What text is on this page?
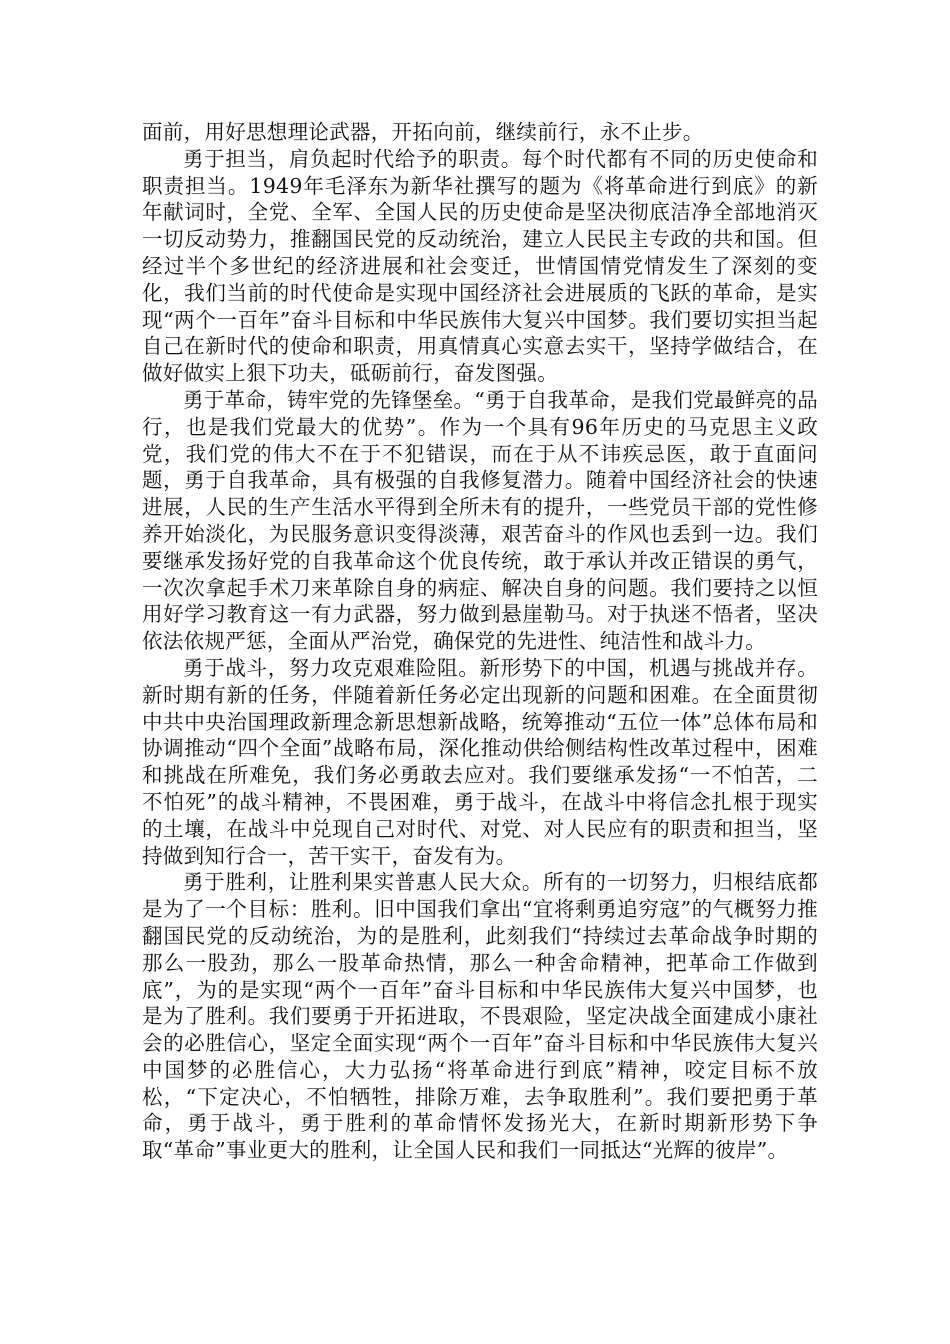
面前，用好思想理论武器，开拓向前，继续前行，永不止步。

勇于担当，肩负起时代给予的职责。每个时代都有不同的历史使命和职责担当。1949年毛泽东为新华社撰写的题为《将革命进行到底》的新年献词时，全党、全军、全国人民的历史使命是坚决彻底洁净全部地消灭一切反动势力，推翻国民党的反动统治，建立人民民主专政的共和国。但经过半个多世纪的经济进展和社会变迁，世情国情党情发生了深刻的变化，我们当前的时代使命是实现中国经济社会进展质的飞跃的革命，是实现“两个一百年”奋斗目标和中华民族伟大复兴中国梦。我们要切实担当起自己在新时代的使命和职责，用真情真心实意去实干，坚持学做结合，在做好做实上狠下功夫，砥砺前行，奋发图强。

勇于革命，铸牢党的先锋堡垒。“勇于自我革命，是我们党最鲜亮的品行，也是我们党最大的优势”。作为一个具有96年历史的马克思主义政党，我们党的伟大不在于不犯错误，而在于从不讳疾忌医，敢于直面问题，勇于自我革命，具有极强的自我修复潜力。随着中国经济社会的快速进展，人民的生产生活水平得到全所未有的提升，一些党员干部的党性修养开始淡化，为民服务意识变得淡薄，艰苦奋斗的作风也丢到一边。我们要继承发扬好党的自我革命这个优良传统，敢于承认并改正错误的勇气，一次次拿起手术刀来革除自身的病症、解决自身的问题。我们要持之以恒用好学习教育这一有力武器，努力做到悬崖勒马。对于执迷不悟者，坚决依法依规严惩，全面从严治党，确保党的先进性、纯洁性和战斗力。

勇于战斗，努力攻克艰难险阻。新形势下的中国，机遇与挑战并存。新时期有新的任务，伴随着新任务必定出现新的问题和困难。在全面贯彻中共中央治国理政新理念新思想新战略，统筹推动“五位一体”总体布局和协调推动“四个全面”战略布局，深化推动供给侧结构性改革过程中，困难和挑战在所难免，我们务必勇敢去应对。我们要继承发扬“一不怕苦，二不怕死”的战斗精神，不畏困难，勇于战斗，在战斗中将信念扎根于现实的土壤，在战斗中兑现自己对时代、对党、对人民应有的职责和担当，坚持做到知行合一，苦干实干，奋发有为。

勇于胜利，让胜利果实普惠人民大众。所有的一切努力，归根结底都是为了一个目标：胜利。旧中国我们拿出“宜将剩勇追穷寇”的气概努力推翻国民党的反动统治，为的是胜利，此刻我们“持续过去革命战争时期的那么一股劲，那么一股革命热情，那么一种舍命精神，把革命工作做到底”，为的是实现“两个一百年”奋斗目标和中华民族伟大复兴中国梦，也是为了胜利。我们要勇于开拓进取，不畏艰险，坚定决战全面建成小康社会的必胜信心，坚定全面实现“两个一百年”奋斗目标和中华民族伟大复兴中国梦的必胜信心，大力弘扬“将革命进行到底”精神，咬定目标不放松，“下定决心，不怕牺牲，排除万难，去争取胜利”。我们要把勇于革命，勇于战斗，勇于胜利的革命情怀发扬光大，在新时期新形势下争取“革命”事业更大的胜利，让全国人民和我们一同抵达“光辉的彼岸”。
